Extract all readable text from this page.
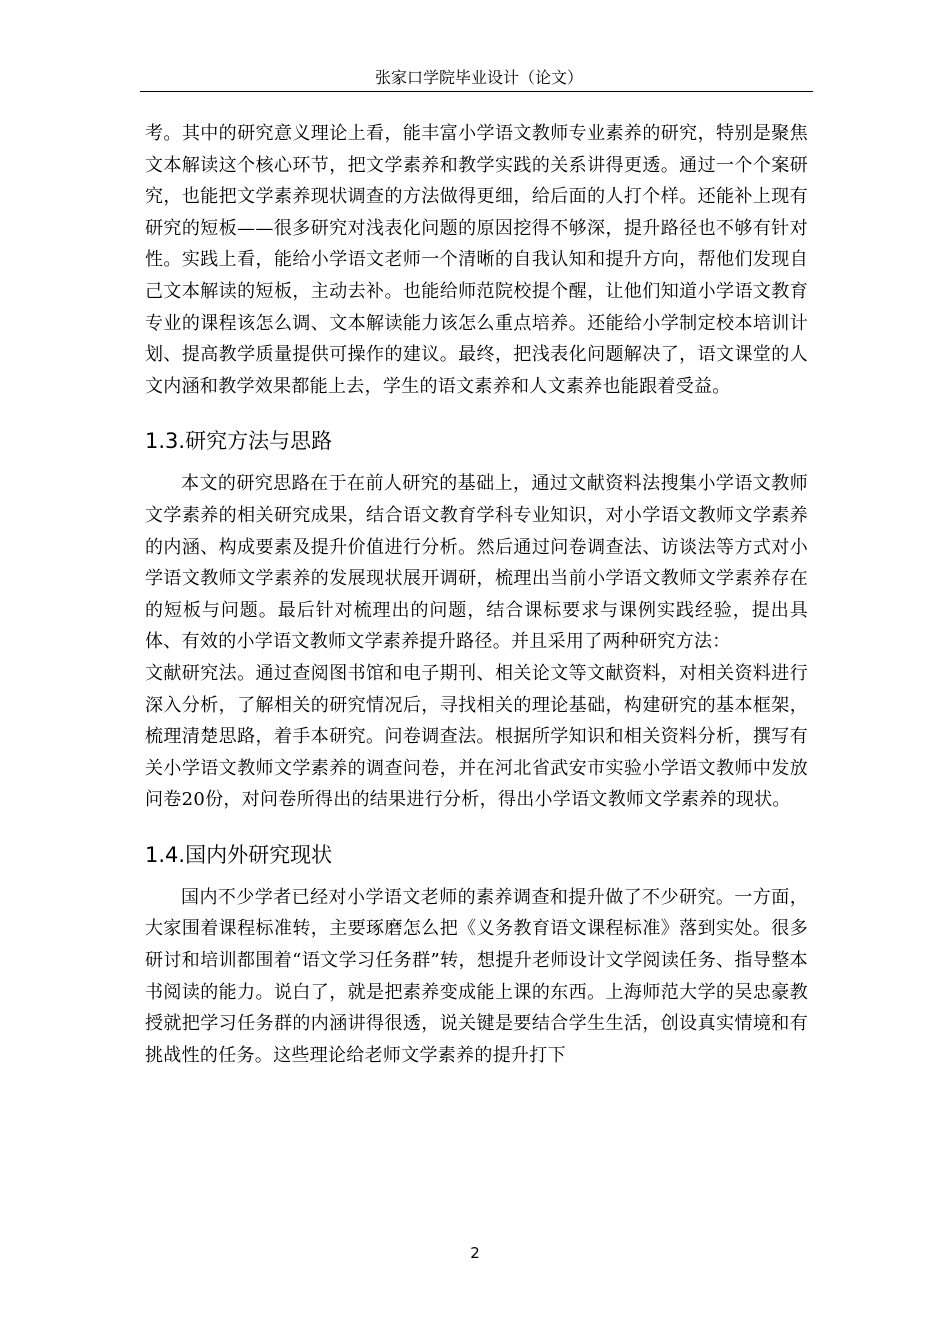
张家口学院毕业设计（论文）

考。其中的研究意义理论上看，能丰富小学语文教师专业素养的研究，特别是聚焦文本解读这个核心环节，把文学素养和教学实践的关系讲得更透。通过一个个案研究，也能把文学素养现状调查的方法做得更细，给后面的人打个样。还能补上现有研究的短板——很多研究对浅表化问题的原因挖得不够深，提升路径也不够有针对性。实践上看，能给小学语文老师一个清晰的自我认知和提升方向，帮他们发现自己文本解读的短板，主动去补。也能给师范院校提个醒，让他们知道小学语文教育专业的课程该怎么调、文本解读能力该怎么重点培养。还能给小学制定校本培训计划、提高教学质量提供可操作的建议。最终，把浅表化问题解决了，语文课堂的人文内涵和教学效果都能上去，学生的语文素养和人文素养也能跟着受益。

1.3.研究方法与思路

本文的研究思路在于在前人研究的基础上，通过文献资料法搜集小学语文教师文学素养的相关研究成果，结合语文教育学科专业知识，对小学语文教师文学素养的内涵、构成要素及提升价值进行分析。然后通过问卷调查法、访谈法等方式对小学语文教师文学素养的发展现状展开调研，梳理出当前小学语文教师文学素养存在的短板与问题。最后针对梳理出的问题，结合课标要求与课例实践经验，提出具体、有效的小学语文教师文学素养提升路径。并且采用了两种研究方法：

文献研究法。通过查阅图书馆和电子期刊、相关论文等文献资料，对相关资料进行深入分析，了解相关的研究情况后，寻找相关的理论基础，构建研究的基本框架，梳理清楚思路，着手本研究。问卷调查法。根据所学知识和相关资料分析，撰写有关小学语文教师文学素养的调查问卷，并在河北省武安市实验小学语文教师中发放问卷20份，对问卷所得出的结果进行分析，得出小学语文教师文学素养的现状。

1.4.国内外研究现状

国内不少学者已经对小学语文老师的素养调查和提升做了不少研究。一方面，大家围着课程标准转，主要琢磨怎么把《义务教育语文课程标准》落到实处。很多研讨和培训都围着“语文学习任务群”转，想提升老师设计文学阅读任务、指导整本书阅读的能力。说白了，就是把素养变成能上课的东西。上海师范大学的吴忠豪教授就把学习任务群的内涵讲得很透，说关键是要结合学生生活，创设真实情境和有挑战性的任务。这些理论给老师文学素养的提升打下

2
